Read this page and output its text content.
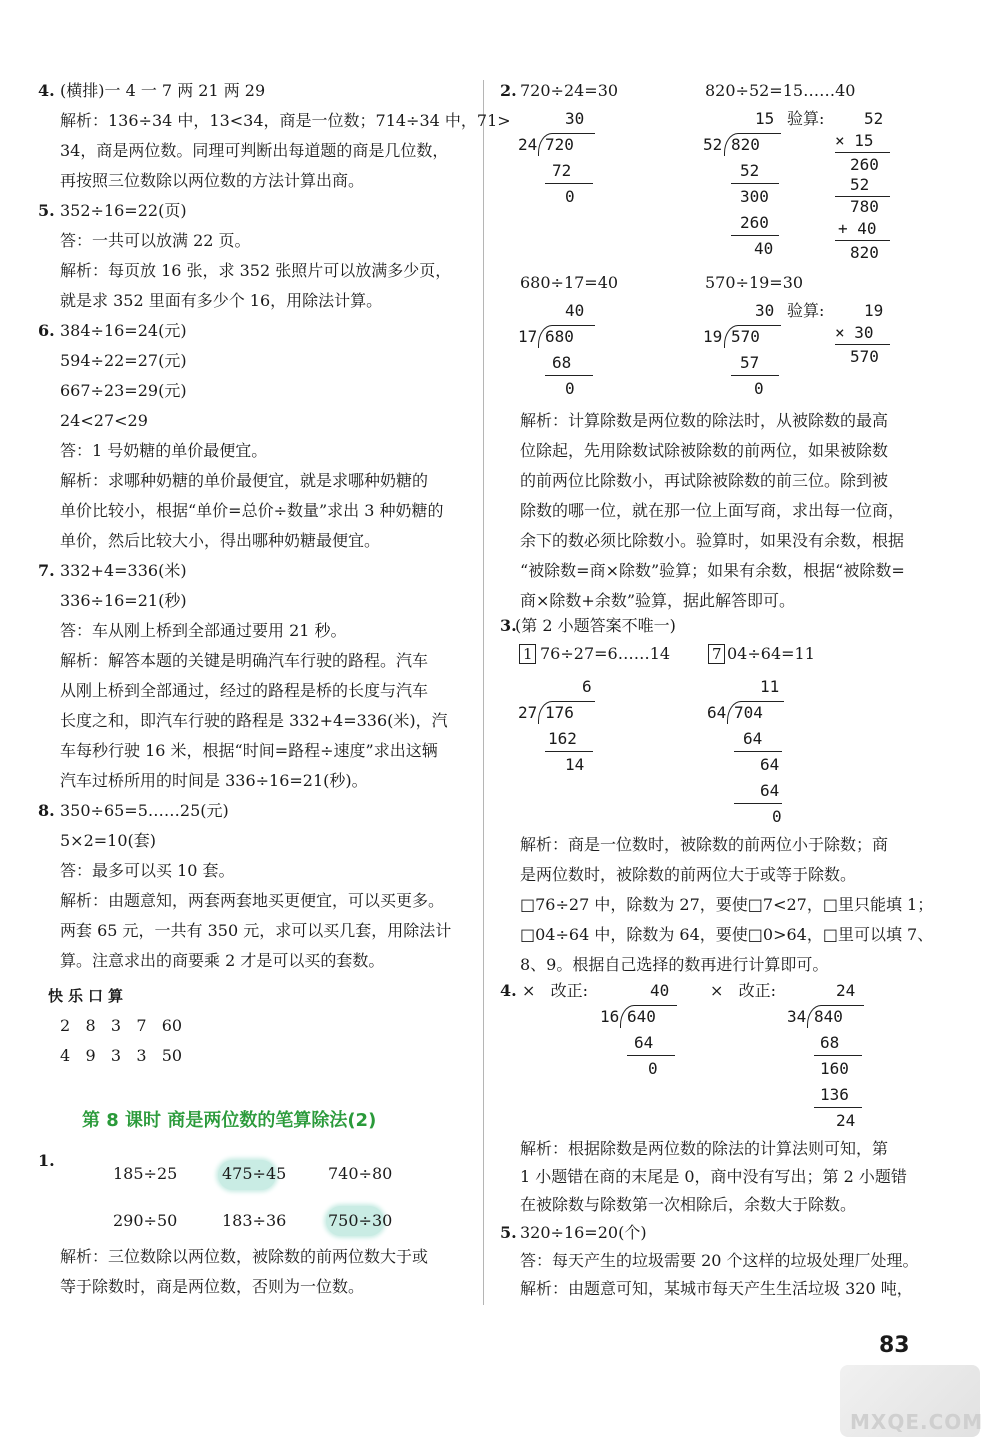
4. (横排)一 4 一 7 两 21 两 29
解析：136÷34 中，13<34，商是一位数；714÷34 中，71>
34，商是两位数。同理可判断出每道题的商是几位数，
再按照三位数除以两位数的方法计算出商。
5. 352÷16=22(页)
答：一共可以放满 22 页。
解析：每页放 16 张，求 352 张照片可以放满多少页，
就是求 352 里面有多少个 16，用除法计算。
6. 384÷16=24(元)
594÷22=27(元)
667÷23=29(元)
24<27<29
答：1 号奶糖的单价最便宜。
解析：求哪种奶糖的单价最便宜，就是求哪种奶糖的
单价比较小，根据“单价=总价÷数量”求出 3 种奶糖的
单价，然后比较大小，得出哪种奶糖最便宜。
7. 332+4=336(米)
336÷16=21(秒)
答：车从刚上桥到全部通过要用 21 秒。
解析：解答本题的关键是明确汽车行驶的路程。汽车
从刚上桥到全部通过，经过的路程是桥的长度与汽车
长度之和，即汽车行驶的路程是 332+4=336(米)，汽
车每秒行驶 16 米，根据“时间=路程÷速度”求出这辆
汽车过桥所用的时间是 336÷16=21(秒)。
8. 350÷65=5……25(元)
5×2=10(套)
答：最多可以买 10 套。
解析：由题意知，两套两套地买更便宜，可以买更多。
两套 65 元，一共有 350 元，求可以买几套，用除法计
算。注意求出的商要乘 2 才是可以买的套数。
快乐口算
2   8   3   7   60
4   9   3   3   50
第 8 课时 商是两位数的笔算除法(2)
1.
185÷25	475÷45	740÷80
290÷50	183÷36	750÷30
解析：三位数除以两位数，被除数的前两位数大于或
等于除数时，商是两位数，否则为一位数。
2. 720÷24=30	820÷52=15……40
30
24 720
72
0
15 验算:
52 820
52
300
260
40
52
× 15
260
52
780
+ 40
820
680÷17=40	570÷19=30
40
17 680
68
0
30 验算:
19 570
57
0
19
× 30
570
解析：计算除数是两位数的除法时，从被除数的最高
位除起，先用除数试除被除数的前两位，如果被除数
的前两位比除数小，再试除被除数的前三位。除到被
除数的哪一位，就在那一位上面写商，求出每一位商，
余下的数必须比除数小。验算时，如果没有余数，根据
“被除数=商×除数”验算；如果有余数，根据“被除数=
商×除数+余数”验算，据此解答即可。
3.
(第 2 小题答案不唯一)
1 76÷27=6……14	7 04÷64=11
6
27 176
162
14
11
64 704
64
64
64
0
解析：商是一位数时，被除数的前两位小于除数；商
是两位数时，被除数的前两位大于或等于除数。
□76÷27 中，除数为 27，要使□7<27，□里只能填 1；
□04÷64 中，除数为 64，要使□0>64，□里可以填 7、
8、9。根据自己选择的数再进行计算即可。
4. ×   改正:	×   改正:
40
16 640
64
0
24
34 840
68
160
136
24
解析：根据除数是两位数的除法的计算法则可知，第
1 小题错在商的末尾是 0，商中没有写出；第 2 小题错
在被除数与除数第一次相除后，余数大于除数。
5. 320÷16=20(个)
答：每天产生的垃圾需要 20 个这样的垃圾处理厂处理。
解析：由题意可知，某城市每天产生生活垃圾 320 吨，
83
MXQE.COM
